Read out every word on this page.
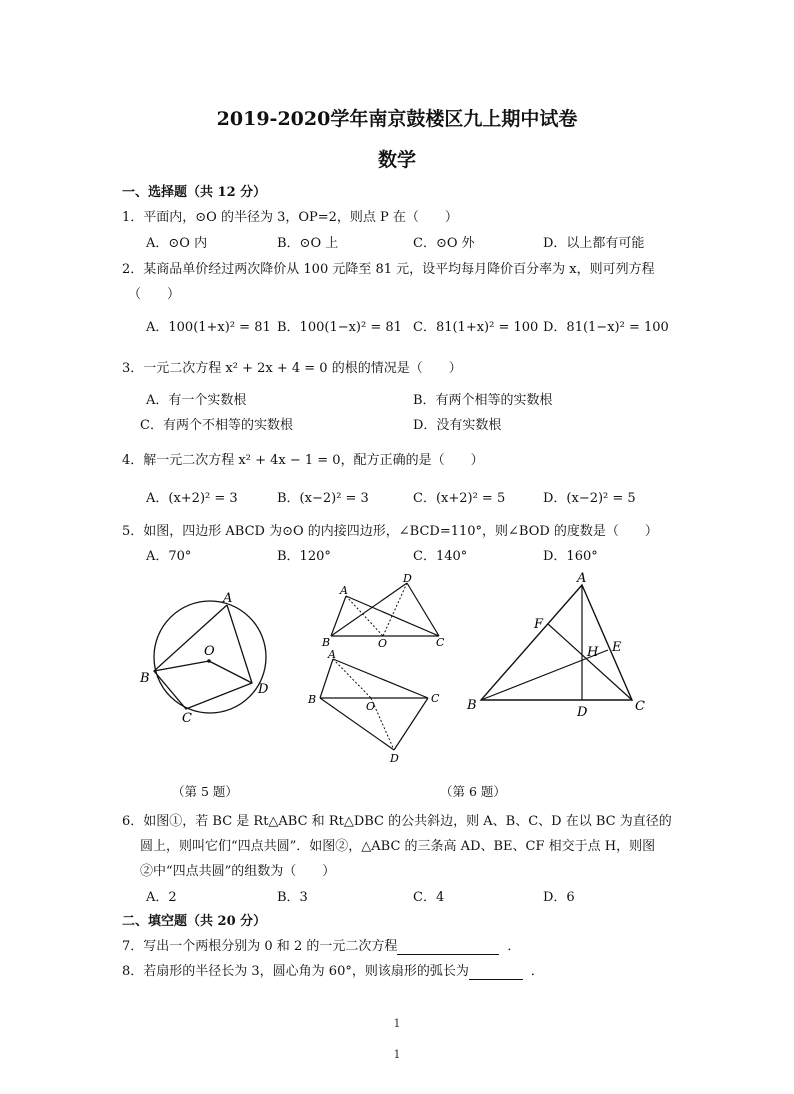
2019-2020学年南京鼓楼区九上期中试卷
数学
一、选择题（共 12 分）
1．平面内，⊙O 的半径为 3，OP=2，则点 P 在（　　）
A．⊙O 内	B．⊙O 上	C．⊙O 外	D．以上都有可能
2．某商品单价经过两次降价从 100 元降至 81 元，设平均每月降价百分率为 x，则可列方程
（　　）
A．100(1+x)² = 81 B．100(1−x)² = 81 C．81(1+x)² = 100 D．81(1−x)² = 100
3．一元二次方程 x² + 2x + 4 = 0 的根的情况是（　　）
A．有一个实数根	B．有两个相等的实数根
C．有两个不相等的实数根	D．没有实数根
4．解一元二次方程 x² + 4x − 1 = 0，配方正确的是（　　）
A．(x+2)² = 3	B．(x−2)² = 3	C．(x+2)² = 5	D．(x−2)² = 5
5．如图，四边形 ABCD 为⊙O 的内接四边形，∠BCD=110°，则∠BOD 的度数是（　　）
A．70°	B．120°	C．140°	D．160°
A
B
C
D
O
A
D
B	O	C
A
B
O
C
D
A
F
E
H
B	D	C
（第 5 题）	（第 6 题）
6．如图①，若 BC 是 Rt△ABC 和 Rt△DBC 的公共斜边，则 A、B、C、D 在以 BC 为直径的
圆上，则叫它们“四点共圆”．如图②，△ABC 的三条高 AD、BE、CF 相交于点 H，则图
②中“四点共圆”的组数为（　　）
A．2	B．3	C．4	D．6
二、填空题（共 20 分）
7．写出一个两根分别为 0 和 2 的一元二次方程	．
8．若扇形的半径长为 3，圆心角为 60°，则该扇形的弧长为	．
1
1
